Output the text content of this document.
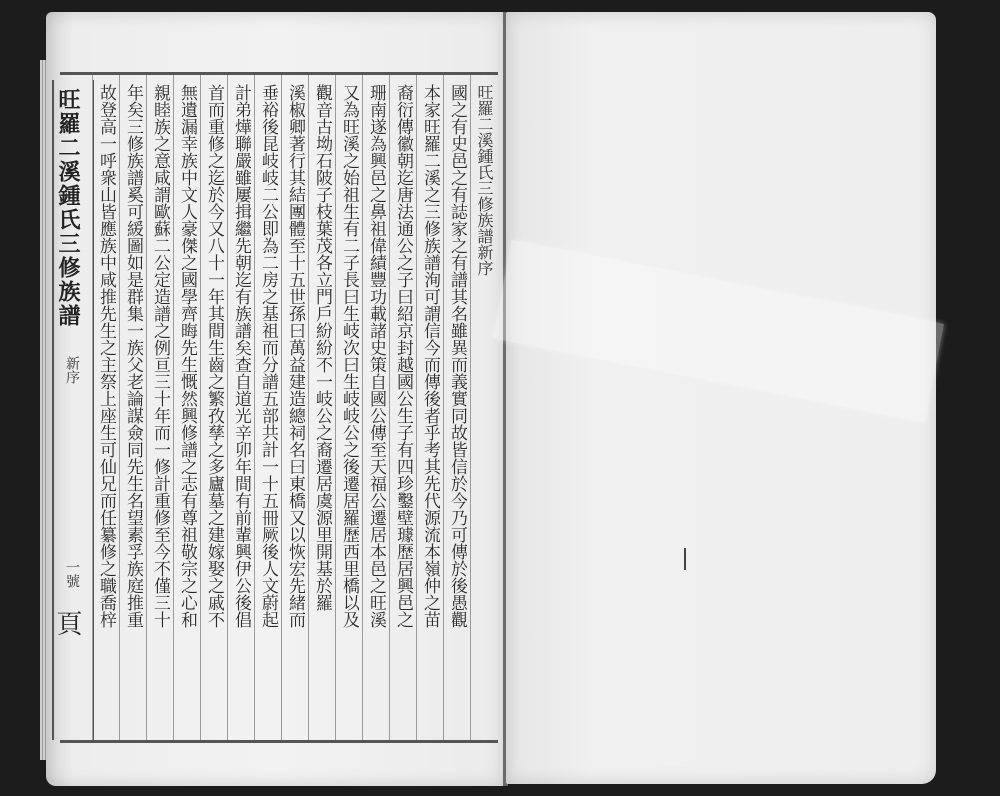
旺羅二溪鍾氏三修族譜
新序
一號
頁
旺羅二溪鍾氏三修族譜新序
國之有史邑之有誌家之有譜其名雖異而義實同故皆信於今乃可傳於後愚觀
本家旺羅二溪之三修族譜洵可謂信今而傳後者乎考其先代源流本嶺仲之苗
裔衍傳徽朝迄唐法通公之子曰紹京封越國公生子有四珍鑿壁璩歷居興邑之
珊南遂為興邑之鼻祖偉績豐功載諸史策自國公傳至天福公遷居本邑之旺溪
又為旺溪之始祖生有二子長曰生岐次曰生岐岐公之後遷居羅歷西里橋以及
觀音古坳石陂子枝葉茂各立門戶紛紛不一岐公之裔遷居虞源里開基於羅
溪椒卿著行其結團體至十五世孫曰萬益建造總祠名曰東橋又以恢宏先緒而
垂裕後昆岐岐二公即為二房之基祖而分譜五部共計一十五冊厥後人文蔚起
計弟燁聯嚴雖屢揖繼先朝迄有族譜矣查自道光辛卯年間有前輩興伊公後倡
首而重修之迄於今又八十一年其間生齒之繁孜孳之多廬墓之建嫁娶之戚不
無遺漏幸族中文人豪傑之國學齊晦先生慨然興修譜之志有尊祖敬宗之心和
親睦族之意咸謂歐蘇二公定造譜之例亘三十年而一修計重修至今不僅三十
年矣三修族譜奚可緩圖如是群集一族父老論謀僉同先生名望素孚族庭推重
故登高一呼衆山皆應族中咸推先生之主祭上座生可仙兄而任纂修之職喬梓
